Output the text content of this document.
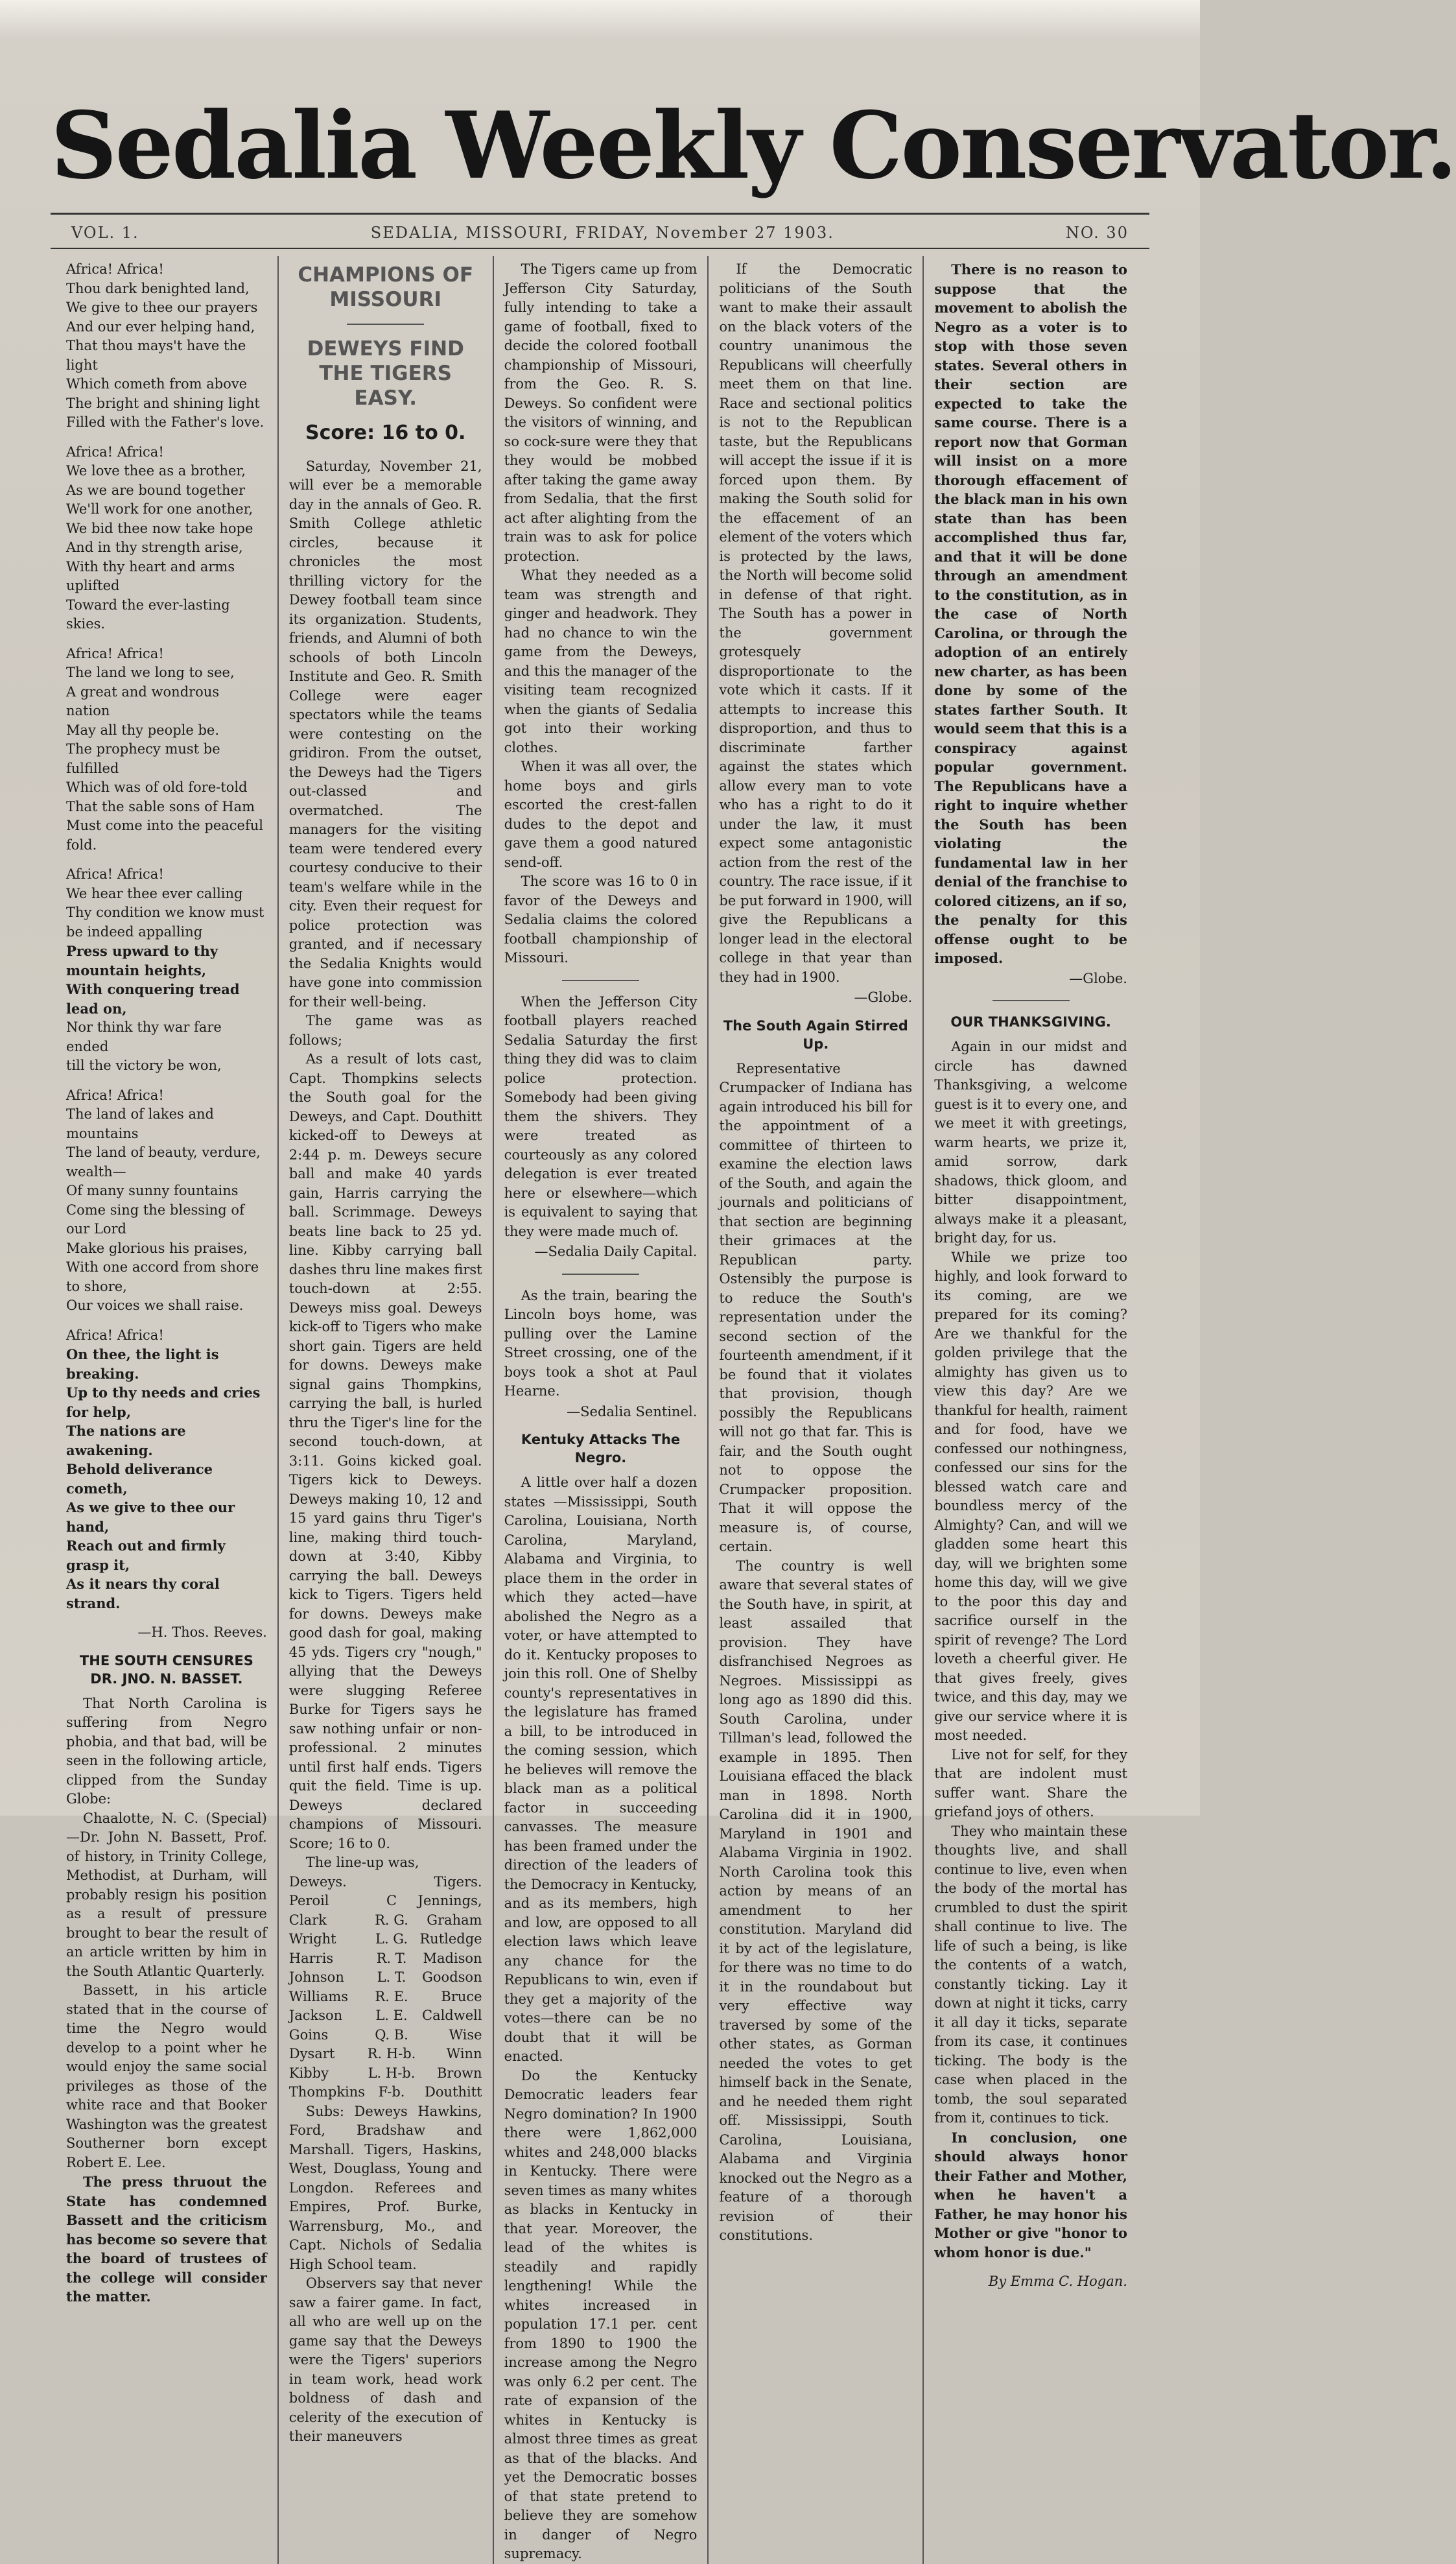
Sedalia Weekly Conservator.
VOL. 1.	SEDALIA, MISSOURI, FRIDAY, November 27 1903.	NO. 30
Africa! Africa!
Thou dark benighted land,
We give to thee our prayers
And our ever helping hand,
That thou mays't have the light
Which cometh from above
The bright and shining light
Filled with the Father's love.
Africa! Africa!
We love thee as a brother,
As we are bound together
We'll work for one another,
We bid thee now take hope
And in thy strength arise,
With thy heart and arms uplifted
Toward the ever-lasting skies.
Africa! Africa!
The land we long to see,
A great and wondrous nation
May all thy people be.
The prophecy must be fulfilled
Which was of old fore-told
That the sable sons of Ham
Must come into the peaceful fold.
Africa! Africa!
We hear thee ever calling
Thy condition we know must be indeed appalling
Press upward to thy mountain heights,
With conquering tread lead on,
Nor think thy war fare ended
till the victory be won,
Africa! Africa!
The land of lakes and mountains
The land of beauty, verdure, wealth—
Of many sunny fountains
Come sing the blessing of our Lord
Make glorious his praises,
With one accord from shore to shore,
Our voices we shall raise.
Africa! Africa!
On thee, the light is breaking.
Up to thy needs and cries for help,
The nations are awakening.
Behold deliverance cometh,
As we give to thee our hand,
Reach out and firmly grasp it,
As it nears thy coral strand.
—H. Thos. Reeves.
THE SOUTH CENSURES DR. JNO. N. BASSET.

That North Carolina is suffering from Negro phobia, and that bad, will be seen in the following article, clipped from the Sunday Globe:

Chaalotte, N. C. (Special)—Dr. John N. Bassett, Prof. of history, in Trinity College, Methodist, at Durham, will probably resign his position as a result of pressure brought to bear the result of an article written by him in the South Atlantic Quarterly.

Bassett, in his article stated that in the course of time the Negro would develop to a point wher he would enjoy the same social privileges as those of the white race and that Booker Washington was the greatest Southerner born except Robert E. Lee.

The press thruout the State has condemned Bassett and the criticism has become so severe that the board of trustees of the college will consider the matter.

CHAMPIONS OF MISSOURI
DEWEYS FIND THE TIGERS EASY.
Score: 16 to 0.

Saturday, November 21, will ever be a memorable day in the annals of Geo. R. Smith College athletic circles, because it chronicles the most thrilling victory for the Dewey football team since its organization. Students, friends, and Alumni of both schools of both Lincoln Institute and Geo. R. Smith College were eager spectators while the teams were contesting on the gridiron. From the outset, the Deweys had the Tigers out-classed and overmatched. The managers for the visiting team were tendered every courtesy conducive to their team's welfare while in the city. Even their request for police protection was granted, and if necessary the Sedalia Knights would have gone into commission for their well-being.

The game was as follows;

As a result of lots cast, Capt. Thompkins selects the South goal for the Deweys, and Capt. Douthitt kicked-off to Deweys at 2:44 p. m. Deweys secure ball and make 40 yards gain, Harris carrying the ball. Scrimmage. Deweys beats line back to 25 yd. line. Kibby carrying ball dashes thru line makes first touch-down at 2:55. Deweys miss goal. Deweys kick-off to Tigers who make short gain. Tigers are held for downs. Deweys make signal gains Thompkins, carrying the ball, is hurled thru the Tiger's line for the second touch-down, at 3:11. Goins kicked goal. Tigers kick to Deweys. Deweys making 10, 12 and 15 yard gains thru Tiger's line, making third touch-down at 3:40, Kibby carrying the ball. Deweys kick to Tigers. Tigers held for downs. Deweys make good dash for goal, making 45 yds. Tigers cry "nough," allying that the Deweys were slugging Referee Burke for Tigers says he saw nothing unfair or non-professional. 2 minutes until first half ends. Tigers quit the field. Time is up. Deweys declared champions of Missouri. Score; 16 to 0.

The line-up was,

Deweys.		Tigers.
Peroil	C	Jennings,
Clark	R. G.	Graham
Wright	L. G.	Rutledge
Harris	R. T.	Madison
Johnson	L. T.	Goodson
Williams	R. E.	Bruce
Jackson	L. E.	Caldwell
Goins	Q. B.	Wise
Dysart	R. H-b.	Winn
Kibby	L. H-b.	Brown
Thompkins	F-b.	Douthitt

Subs: Deweys Hawkins, Ford, Bradshaw and Marshall. Tigers, Haskins, West, Douglass, Young and Longdon. Referees and Empires, Prof. Burke, Warrensburg, Mo., and Capt. Nichols of Sedalia High School team.

Observers say that never saw a fairer game. In fact, all who are well up on the game say that the Deweys were the Tigers' superiors in team work, head work boldness of dash and celerity of the execution of their maneuvers

The Tigers came up from Jefferson City Saturday, fully intending to take a game of football, fixed to decide the colored football championship of Missouri, from the Geo. R. S. Deweys. So confident were the visitors of winning, and so cock-sure were they that they would be mobbed after taking the game away from Sedalia, that the first act after alighting from the train was to ask for police protection.

What they needed as a team was strength and ginger and headwork. They had no chance to win the game from the Deweys, and this the manager of the visiting team recognized when the giants of Sedalia got into their working clothes.

When it was all over, the home boys and girls escorted the crest-fallen dudes to the depot and gave them a good natured send-off.

The score was 16 to 0 in favor of the Deweys and Sedalia claims the colored football championship of Missouri.

When the Jefferson City football players reached Sedalia Saturday the first thing they did was to claim police protection. Somebody had been giving them the shivers. They were treated as courteously as any colored delegation is ever treated here or elsewhere—which is equivalent to saying that they were made much of.

—Sedalia Daily Capital.

As the train, bearing the Lincoln boys home, was pulling over the Lamine Street crossing, one of the boys took a shot at Paul Hearne.

—Sedalia Sentinel.
Kentuky Attacks The Negro.

A little over half a dozen states —Mississippi, South Carolina, Louisiana, North Carolina, Maryland, Alabama and Virginia, to place them in the order in which they acted—have abolished the Negro as a voter, or have attempted to do it. Kentucky proposes to join this roll. One of Shelby county's representatives in the legislature has framed a bill, to be introduced in the coming session, which he believes will remove the black man as a political factor in succeeding canvasses. The measure has been framed under the direction of the leaders of the Democracy in Kentucky, and as its members, high and low, are opposed to all election laws which leave any chance for the Republicans to win, even if they get a majority of the votes—there can be no doubt that it will be enacted.

Do the Kentucky Democratic leaders fear Negro domination? In 1900 there were 1,862,000 whites and 248,000 blacks in Kentucky. There were seven times as many whites as blacks in Kentucky in that year. Moreover, the lead of the whites is steadily and rapidly lengthening! While the whites increased in population 17.1 per. cent from 1890 to 1900 the increase among the Negro was only 6.2 per cent. The rate of expansion of the whites in Kentucky is almost three times as great as that of the blacks. And yet the Democratic bosses of that state pretend to believe they are somehow in danger of Negro supremacy.

If the Democratic politicians of the South want to make their assault on the black voters of the country unanimous the Republicans will cheerfully meet them on that line. Race and sectional politics is not to the Republican taste, but the Republicans will accept the issue if it is forced upon them. By making the South solid for the effacement of an element of the voters which is protected by the laws, the North will become solid in defense of that right. The South has a power in the government grotesquely disproportionate to the vote which it casts. If it attempts to increase this disproportion, and thus to discriminate farther against the states which allow every man to vote who has a right to do it under the law, it must expect some antagonistic action from the rest of the country. The race issue, if it be put forward in 1900, will give the Republicans a longer lead in the electoral college in that year than they had in 1900.

—Globe.
The South Again Stirred Up.

Representative Crumpacker of Indiana has again introduced his bill for the appointment of a committee of thirteen to examine the election laws of the South, and again the journals and politicians of that section are beginning their grimaces at the Republican party. Ostensibly the purpose is to reduce the South's representation under the second section of the fourteenth amendment, if it be found that it violates that provision, though possibly the Republicans will not go that far. This is fair, and the South ought not to oppose the Crumpacker proposition. That it will oppose the measure is, of course, certain.

The country is well aware that several states of the South have, in spirit, at least assailed that provision. They have disfranchised Negroes as Negroes. Mississippi as long ago as 1890 did this. South Carolina, under Tillman's lead, followed the example in 1895. Then Louisiana effaced the black man in 1898. North Carolina did it in 1900, Maryland in 1901 and Alabama Virginia in 1902. North Carolina took this action by means of an amendment to her constitution. Maryland did it by act of the legislature, for there was no time to do it in the roundabout but very effective way traversed by some of the other states, as Gorman needed the votes to get himself back in the Senate, and he needed them right off. Mississippi, South Carolina, Louisiana, Alabama and Virginia knocked out the Negro as a feature of a thorough revision of their constitutions.

There is no reason to suppose that the movement to abolish the Negro as a voter is to stop with those seven states. Several others in their section are expected to take the same course. There is a report now that Gorman will insist on a more thorough effacement of the black man in his own state than has been accomplished thus far, and that it will be done through an amendment to the constitution, as in the case of North Carolina, or through the adoption of an entirely new charter, as has been done by some of the states farther South. It would seem that this is a conspiracy against popular government. The Republicans have a right to inquire whether the South has been violating the fundamental law in her denial of the franchise to colored citizens, an if so, the penalty for this offense ought to be imposed.

—Globe.
OUR THANKSGIVING.

Again in our midst and circle has dawned Thanksgiving, a welcome guest is it to every one, and we meet it with greetings, warm hearts, we prize it, amid sorrow, dark shadows, thick gloom, and bitter disappointment, always make it a pleasant, bright day, for us.

While we prize too highly, and look forward to its coming, are we prepared for its coming? Are we thankful for the golden privilege that the almighty has given us to view this day? Are we thankful for health, raiment and for food, have we confessed our nothingness, confessed our sins for the blessed watch care and boundless mercy of the Almighty? Can, and will we gladden some heart this day, will we brighten some home this day, will we give to the poor this day and sacrifice ourself in the spirit of revenge? The Lord loveth a cheerful giver. He that gives freely, gives twice, and this day, may we give our service where it is most needed.

Live not for self, for they that are indolent must suffer want. Share the griefand joys of others.

They who maintain these thoughts live, and shall continue to live, even when the body of the mortal has crumbled to dust the spirit shall continue to live. The life of such a being, is like the contents of a watch, constantly ticking. Lay it down at night it ticks, carry it all day it ticks, separate from its case, it continues ticking. The body is the case when placed in the tomb, the soul separated from it, continues to tick.

In conclusion, one should always honor their Father and Mother, when he haven't a Father, he may honor his Mother or give "honor to whom honor is due."

By Emma C. Hogan.
